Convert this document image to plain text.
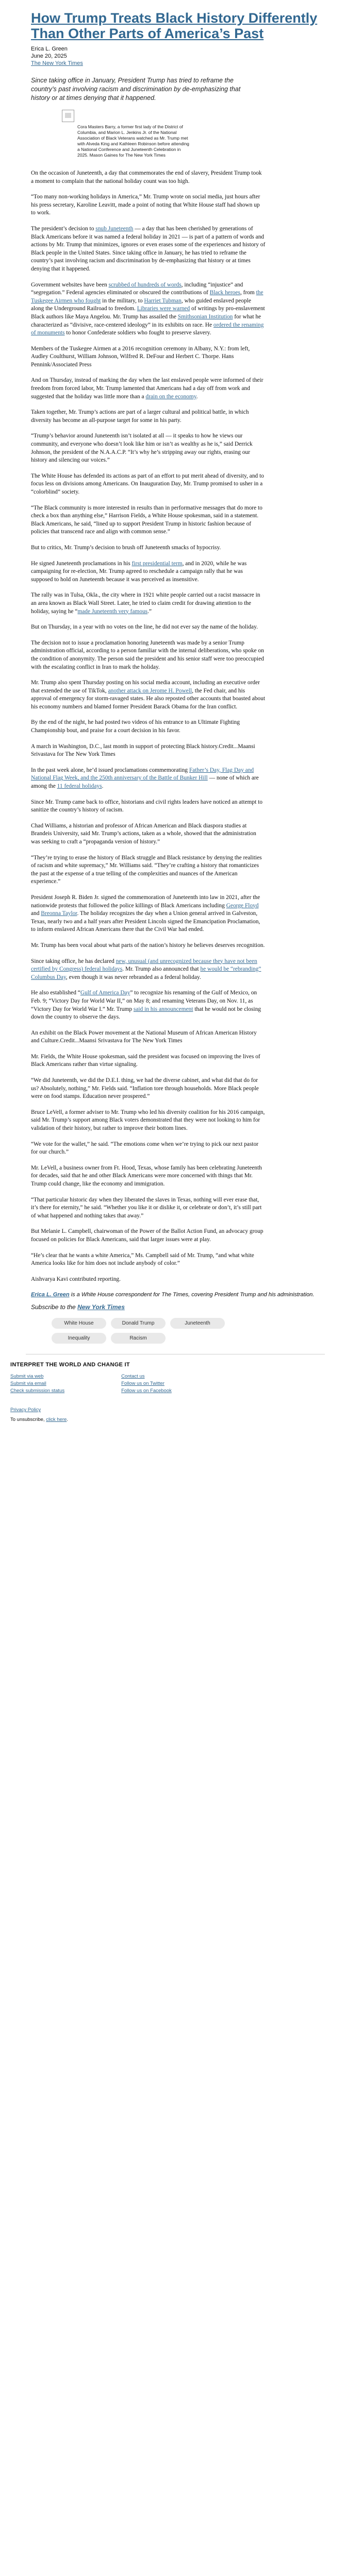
How Trump Treats Black History Differently Than Other Parts of America’s Past

Erica L. Green

June 20, 2025

The New York Times

Since taking office in January, President Trump has tried to reframe the country’s past involving racism and discrimination by de-emphasizing that history or at times denying that it happened.

Cora Masters Barry, a former first lady of the District of Columbia, and Marion L. Jenkins Jr. of the National Association of Black Veterans watched as Mr. Trump met with Alveda King and Kathleen Robinson before attending a National Conference and Juneteenth Celebration in 2025. Mason Gaines for The New York Times

On the occasion of Juneteenth, a day that commemorates the end of slavery, President Trump took a moment to complain that the national holiday count was too high.

“Too many non-working holidays in America,” Mr. Trump wrote on social media, just hours after his press secretary, Karoline Leavitt, made a point of noting that White House staff had shown up to work.

The president’s decision to snub Juneteenth — a day that has been cherished by generations of Black Americans before it was named a federal holiday in 2021 — is part of a pattern of words and actions by Mr. Trump that minimizes, ignores or even erases some of the experiences and history of Black people in the United States. Since taking office in January, he has tried to reframe the country’s past involving racism and discrimination by de-emphasizing that history or at times denying that it happened.

Government websites have been scrubbed of hundreds of words, including “injustice” and “segregation.” Federal agencies eliminated or obscured the contributions of Black heroes, from the Tuskegee Airmen who fought in the military, to Harriet Tubman, who guided enslaved people along the Underground Railroad to freedom. Libraries were warned of writings by pro-enslavement Black authors like Maya Angelou. Mr. Trump has assailed the Smithsonian Institution for what he characterized as “divisive, race-centered ideology” in its exhibits on race. He ordered the renaming of monuments to honor Confederate soldiers who fought to preserve slavery.

Members of the Tuskegee Airmen at a 2016 recognition ceremony in Albany, N.Y.: from left, Audley Coulthurst, William Johnson, Wilfred R. DeFour and Herbert C. Thorpe. Hans Pennink/Associated Press

And on Thursday, instead of marking the day when the last enslaved people were informed of their freedom from forced labor, Mr. Trump lamented that Americans had a day off from work and suggested that the holiday was little more than a drain on the economy.

Taken together, Mr. Trump’s actions are part of a larger cultural and political battle, in which diversity has become an all-purpose target for some in his party.

“Trump’s behavior around Juneteenth isn’t isolated at all — it speaks to how he views our community, and everyone who doesn’t look like him or isn’t as wealthy as he is,” said Derrick Johnson, the president of the N.A.A.C.P. “It’s why he’s stripping away our rights, erasing our history and silencing our voices.”

The White House has defended its actions as part of an effort to put merit ahead of diversity, and to focus less on divisions among Americans. On Inauguration Day, Mr. Trump promised to usher in a “colorblind” society.

“The Black community is more interested in results than in performative messages that do more to check a box than anything else,” Harrison Fields, a White House spokesman, said in a statement. Black Americans, he said, “lined up to support President Trump in historic fashion because of policies that transcend race and align with common sense.”

But to critics, Mr. Trump’s decision to brush off Juneteenth smacks of hypocrisy.

He signed Juneteenth proclamations in his first presidential term, and in 2020, while he was campaigning for re-election, Mr. Trump agreed to reschedule a campaign rally that he was supposed to hold on Juneteenth because it was perceived as insensitive.

The rally was in Tulsa, Okla., the city where in 1921 white people carried out a racist massacre in an area known as Black Wall Street. Later, he tried to claim credit for drawing attention to the holiday, saying he “made Juneteenth very famous.”

But on Thursday, in a year with no votes on the line, he did not ever say the name of the holiday.

The decision not to issue a proclamation honoring Juneteenth was made by a senior Trump administration official, according to a person familiar with the internal deliberations, who spoke on the condition of anonymity. The person said the president and his senior staff were too preoccupied with the escalating conflict in Iran to mark the holiday.

Mr. Trump also spent Thursday posting on his social media account, including an executive order that extended the use of TikTok, another attack on Jerome H. Powell, the Fed chair, and his approval of emergency for storm-ravaged states. He also reposted other accounts that boasted about his economy numbers and blamed former President Barack Obama for the Iran conflict.

By the end of the night, he had posted two videos of his entrance to an Ultimate Fighting Championship bout, and praise for a court decision in his favor.

A march in Washington, D.C., last month in support of protecting Black history.Credit...Maansi Srivastava for The New York Times

In the past week alone, he’d issued proclamations commemorating Father’s Day, Flag Day and National Flag Week, and the 250th anniversary of the Battle of Bunker Hill — none of which are among the 11 federal holidays.

Since Mr. Trump came back to office, historians and civil rights leaders have noticed an attempt to sanitize the country’s history of racism.

Chad Williams, a historian and professor of African American and Black diaspora studies at Brandeis University, said Mr. Trump’s actions, taken as a whole, showed that the administration was seeking to craft a “propaganda version of history.”

“They’re trying to erase the history of Black struggle and Black resistance by denying the realities of racism and white supremacy,” Mr. Williams said. “They’re crafting a history that romanticizes the past at the expense of a true telling of the complexities and nuances of the American experience.”

President Joseph R. Biden Jr. signed the commemoration of Juneteenth into law in 2021, after the nationwide protests that followed the police killings of Black Americans including George Floyd and Breonna Taylor. The holiday recognizes the day when a Union general arrived in Galveston, Texas, nearly two and a half years after President Lincoln signed the Emancipation Proclamation, to inform enslaved African Americans there that the Civil War had ended.

Mr. Trump has been vocal about what parts of the nation’s history he believes deserves recognition.

Since taking office, he has declared new, unusual (and unrecognized because they have not been certified by Congress) federal holidays. Mr. Trump also announced that he would be “rebranding” Columbus Day, even though it was never rebranded as a federal holiday.

He also established “Gulf of America Day” to recognize his renaming of the Gulf of Mexico, on Feb. 9; “Victory Day for World War II,” on May 8; and renaming Veterans Day, on Nov. 11, as “Victory Day for World War I.” Mr. Trump said in his announcement that he would not be closing down the country to observe the days.

An exhibit on the Black Power movement at the National Museum of African American History and Culture.Credit...Maansi Srivastava for The New York Times

Mr. Fields, the White House spokesman, said the president was focused on improving the lives of Black Americans rather than virtue signaling.

“We did Juneteenth, we did the D.E.I. thing, we had the diverse cabinet, and what did that do for us? Absolutely, nothing,” Mr. Fields said. “Inflation tore through households. More Black people were on food stamps. Education never prospered.”

Bruce LeVell, a former adviser to Mr. Trump who led his diversity coalition for his 2016 campaign, said Mr. Trump’s support among Black voters demonstrated that they were not looking to him for validation of their history, but rather to improve their bottom lines.

“We vote for the wallet,” he said. “The emotions come when we’re trying to pick our next pastor for our church.”

Mr. LeVell, a business owner from Ft. Hood, Texas, whose family has been celebrating Juneteenth for decades, said that he and other Black Americans were more concerned with things that Mr. Trump could change, like the economy and immigration.

“That particular historic day when they liberated the slaves in Texas, nothing will ever erase that, it’s there for eternity,” he said. “Whether you like it or dislike it, or celebrate or don’t, it’s still part of what happened and nothing takes that away.”

But Melanie L. Campbell, chairwoman of the Power of the Ballot Action Fund, an advocacy group focused on policies for Black Americans, said that larger issues were at play.

“He’s clear that he wants a white America,” Ms. Campbell said of Mr. Trump, “and what white America looks like for him does not include anybody of color.”

Aishvarya Kavi contributed reporting.

Erica L. Green is a White House correspondent for The Times, covering President Trump and his administration.

Subscribe to the New York Times

White House	Donald Trump	Juneteenth
Inequality	Racism
INTERPRET THE WORLD AND CHANGE IT
Submit via web
Submit via email
Check submission status
Contact us
Follow us on Twitter
Follow us on Facebook

Privacy Policy

To unsubscribe, click here.
